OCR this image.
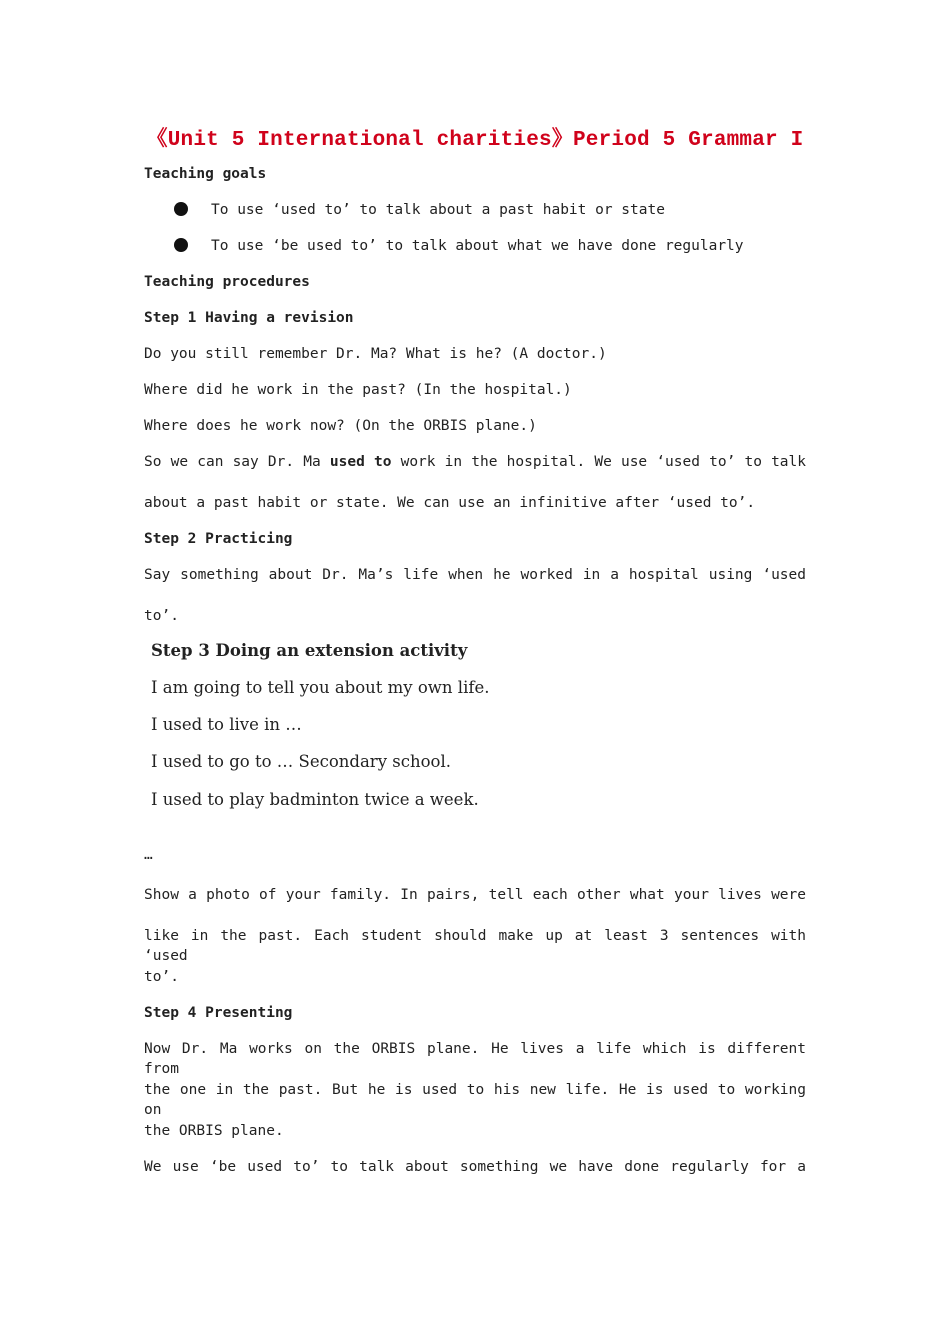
《Unit 5 International charities》Period 5 Grammar I
Teaching goals
To use ‘used to’ to talk about a past habit or state
To use ‘be used to’ to talk about what we have done regularly
Teaching procedures
Step 1 Having a revision
Do you still remember Dr. Ma? What is he? (A doctor.)
Where did he work in the past? (In the hospital.)
Where does he work now? (On the ORBIS plane.)
So we can say Dr. Ma used to work in the hospital. We use ‘used to’ to talk
about a past habit or state. We can use an infinitive after ‘used to’.
Step 2 Practicing
Say something about Dr. Ma’s life when he worked in a hospital using ‘used
to’.
Step 3 Doing an extension activity
I am going to tell you about my own life.
I used to live in …
I used to go to … Secondary school.
I used to play badminton twice a week.
…
Show a photo of your family. In pairs, tell each other what your lives were
like in the past. Each student should make up at least 3 sentences with ‘used
to’.
Step 4 Presenting
Now Dr. Ma works on the ORBIS plane. He lives a life which is different from
the one in the past. But he is used to his new life. He is used to working on
the ORBIS plane.
We use ‘be used to’ to talk about something we have done regularly for a
